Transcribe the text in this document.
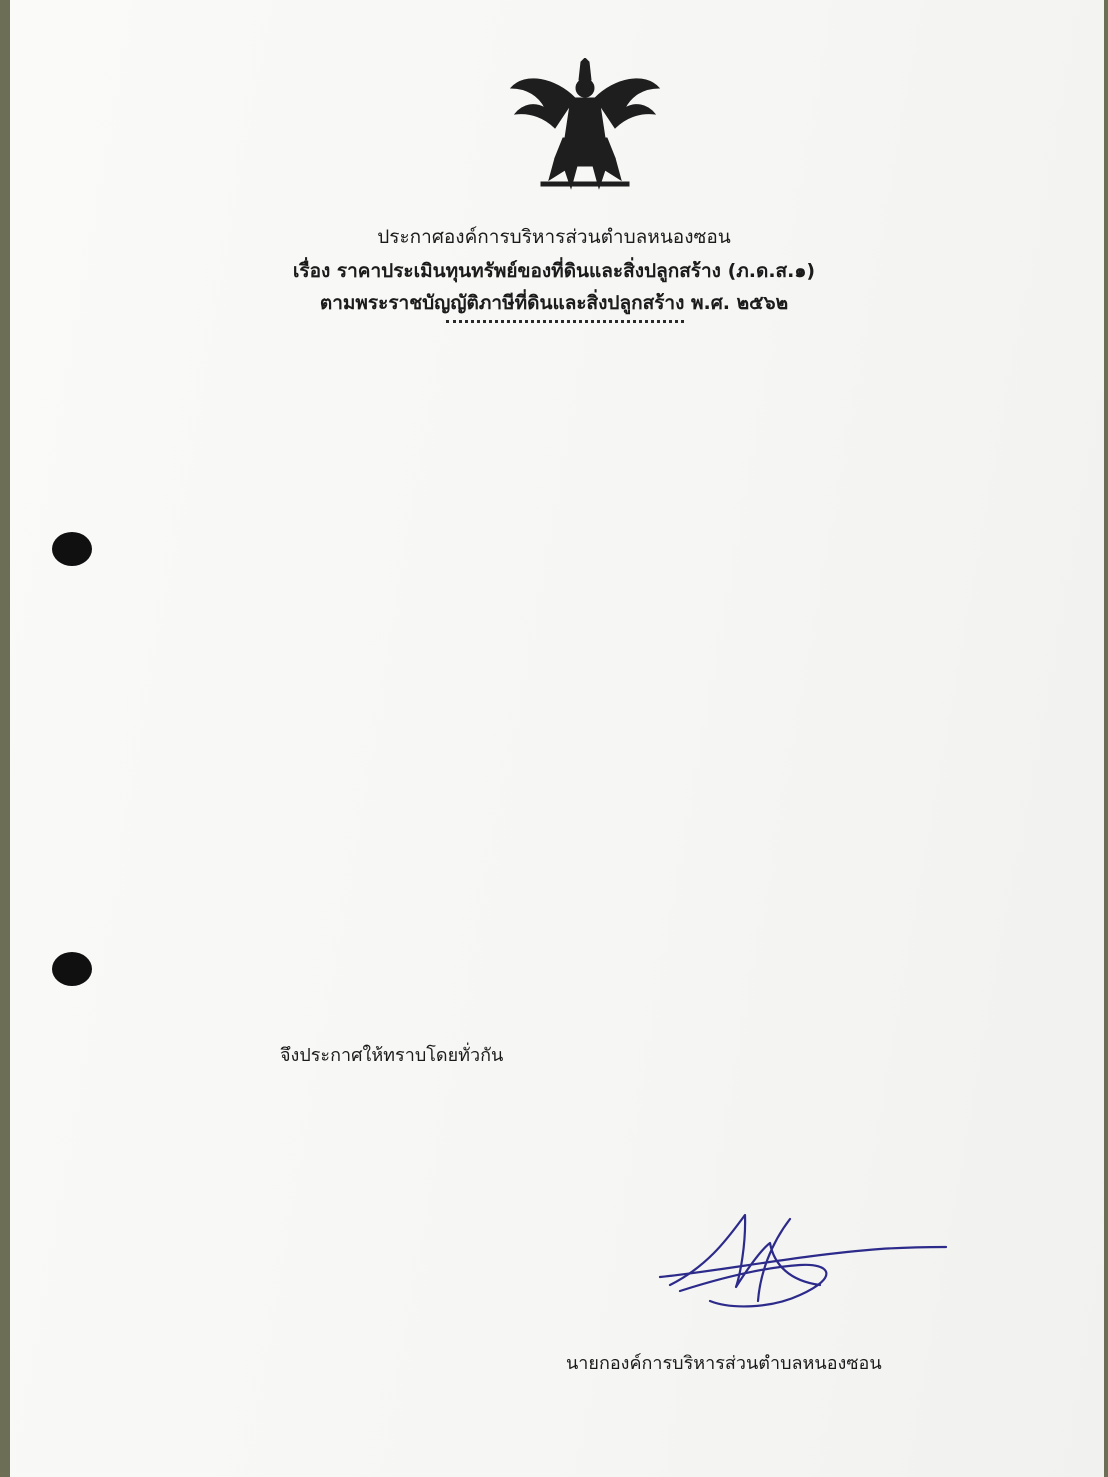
ประกาศองค์การบริหารส่วนตำบลหนองซอน
เรื่อง ราคาประเมินทุนทรัพย์ของที่ดินและสิ่งปลูกสร้าง (ภ.ด.ส.๑)
ตามพระราชบัญญัติภาษีที่ดินและสิ่งปลูกสร้าง พ.ศ. ๒๕๖๒
จึงประกาศให้ทราบโดยทั่วกัน
นายกองค์การบริหารส่วนตำบลหนองซอน
